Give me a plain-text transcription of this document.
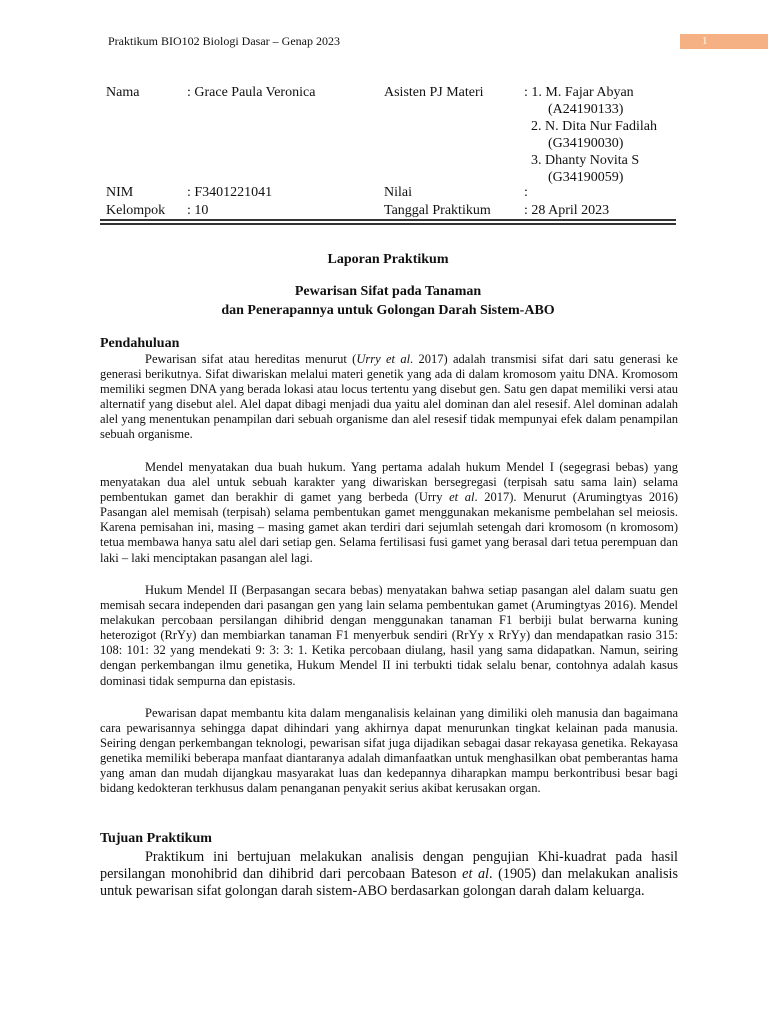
Praktikum BIO102 Biologi Dasar – Genap 2023	1
Nama	: Grace Paula Veronica	Asisten PJ Materi	: 1. M. Fajar Abyan
(A24190133)
2. N. Dita Nur Fadilah
(G34190030)
3. Dhanty Novita S
(G34190059)
NIM	: F3401221041	Nilai	:
Kelompok : 10	Tanggal Praktikum : 28 April 2023
Laporan Praktikum
Pewarisan Sifat pada Tanaman
dan Penerapannya untuk Golongan Darah Sistem-ABO
Pendahuluan

Pewarisan sifat atau hereditas menurut (Urry et al. 2017) adalah transmisi sifat dari satu generasi ke generasi berikutnya. Sifat diwariskan melalui materi genetik yang ada di dalam kromosom yaitu DNA. Kromosom memiliki segmen DNA yang berada lokasi atau locus tertentu yang disebut gen. Satu gen dapat memiliki versi atau alternatif yang disebut alel. Alel dapat dibagi menjadi dua yaitu alel dominan dan alel resesif. Alel dominan adalah alel yang menentukan penampilan dari sebuah organisme dan alel resesif tidak mempunyai efek dalam penampilan sebuah organisme.

Mendel menyatakan dua buah hukum. Yang pertama adalah hukum Mendel I (segegrasi bebas) yang menyatakan dua alel untuk sebuah karakter yang diwariskan bersegregasi (terpisah satu sama lain) selama pembentukan gamet dan berakhir di gamet yang berbeda (Urry et al. 2017). Menurut (Arumingtyas 2016) Pasangan alel memisah (terpisah) selama pembentukan gamet menggunakan mekanisme pembelahan sel meiosis. Karena pemisahan ini, masing – masing gamet akan terdiri dari sejumlah setengah dari kromosom (n kromosom) tetua membawa hanya satu alel dari setiap gen. Selama fertilisasi fusi gamet yang berasal dari tetua perempuan dan laki – laki menciptakan pasangan alel lagi.

Hukum Mendel II (Berpasangan secara bebas) menyatakan bahwa setiap pasangan alel dalam suatu gen memisah secara independen dari pasangan gen yang lain selama pembentukan gamet (Arumingtyas 2016). Mendel melakukan percobaan persilangan dihibrid dengan menggunakan tanaman F1 berbiji bulat berwarna kuning heterozigot (RrYy) dan membiarkan tanaman F1 menyerbuk sendiri (RrYy x RrYy) dan mendapatkan rasio 315: 108: 101: 32 yang mendekati 9: 3: 3: 1. Ketika percobaan diulang, hasil yang sama didapatkan. Namun, seiring dengan perkembangan ilmu genetika, Hukum Mendel II ini terbukti tidak selalu benar, contohnya adalah kasus dominasi tidak sempurna dan epistasis.

Pewarisan dapat membantu kita dalam menganalisis kelainan yang dimiliki oleh manusia dan bagaimana cara pewarisannya sehingga dapat dihindari yang akhirnya dapat menurunkan tingkat kelainan pada manusia. Seiring dengan perkembangan teknologi, pewarisan sifat juga dijadikan sebagai dasar rekayasa genetika. Rekayasa genetika memiliki beberapa manfaat diantaranya adalah dimanfaatkan untuk menghasilkan obat pemberantas hama yang aman dan mudah dijangkau masyarakat luas dan kedepannya diharapkan mampu berkontribusi besar bagi bidang kedokteran terkhusus dalam penanganan penyakit serius akibat kerusakan organ.

Tujuan Praktikum

Praktikum ini bertujuan melakukan analisis dengan pengujian Khi-kuadrat pada hasil persilangan monohibrid dan dihibrid dari percobaan Bateson et al. (1905) dan melakukan analisis untuk pewarisan sifat golongan darah sistem-ABO berdasarkan golongan darah dalam keluarga.
